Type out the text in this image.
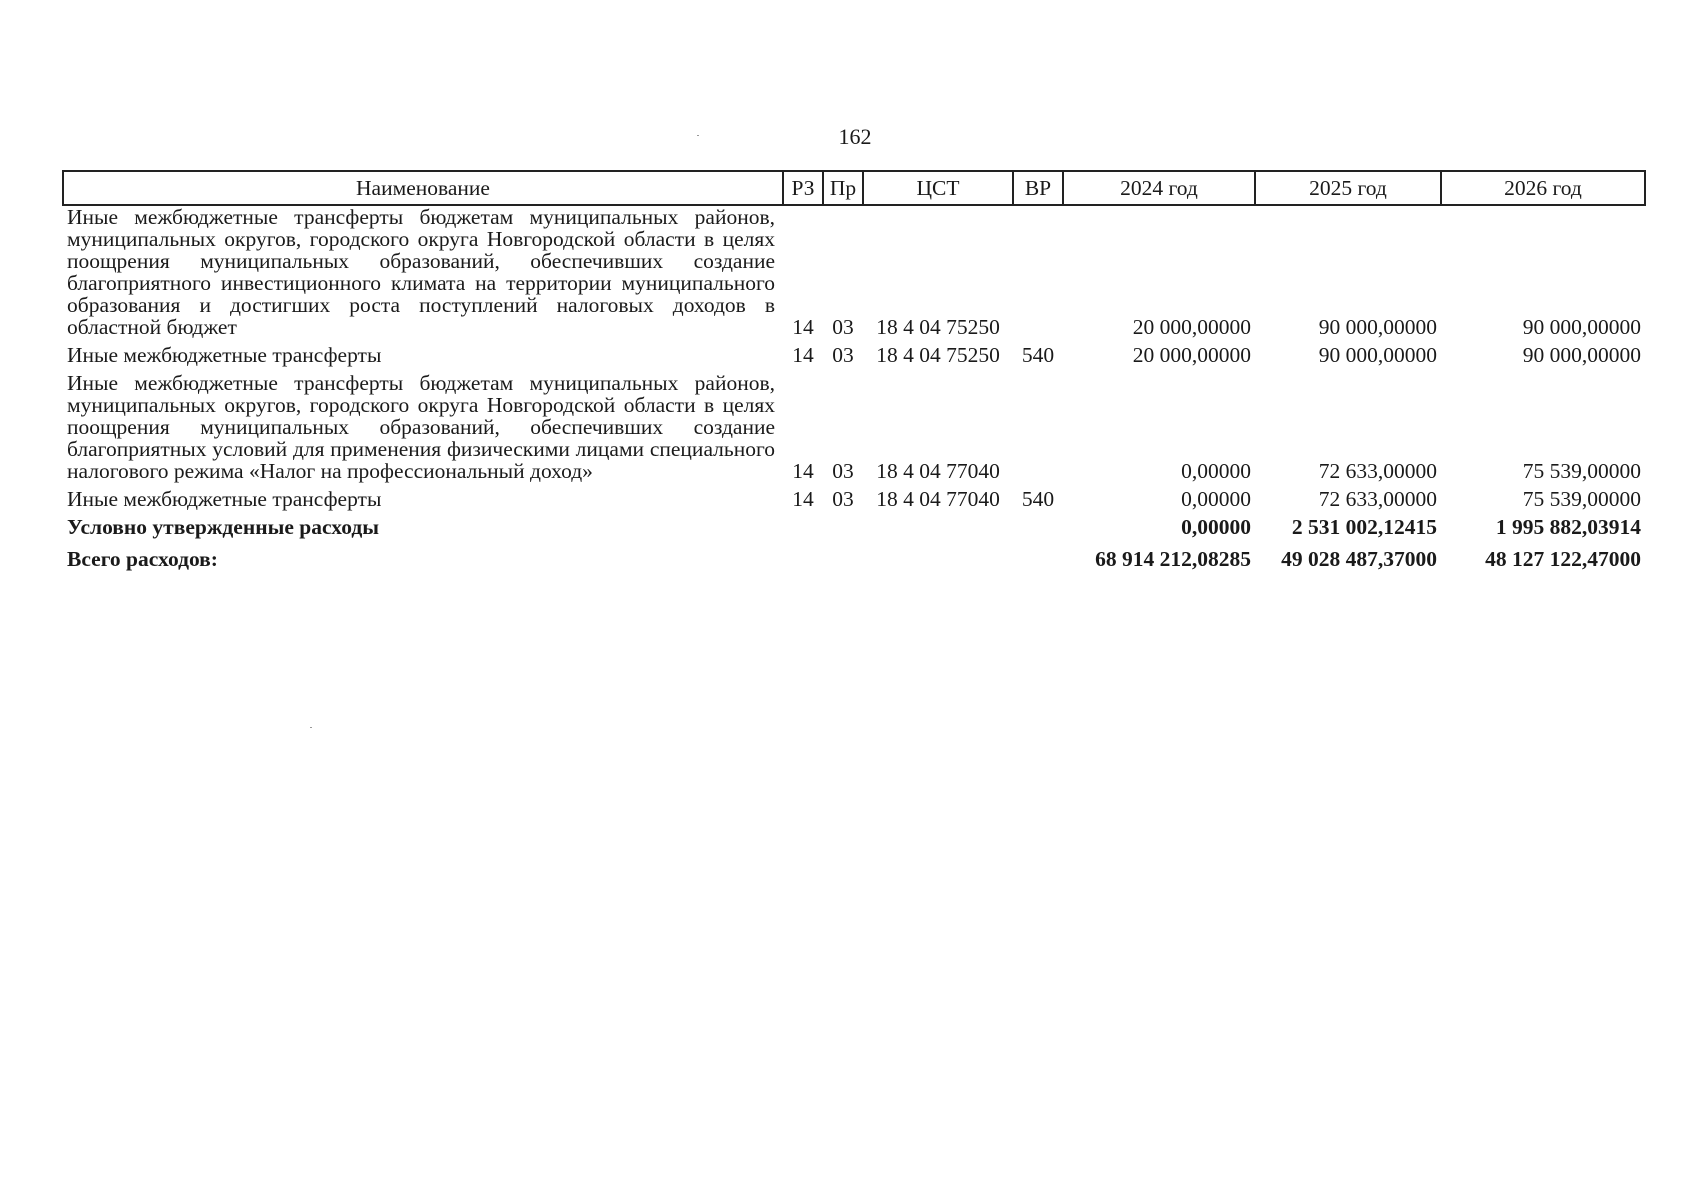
162
Наименование	РЗ	Пр	ЦСТ	ВР	2024 год	2025 год	2026 год
Иные межбюджетные трансферты бюджетам муниципальных районов, муниципальных округов, городского округа Новгородской области в целях поощрения муниципальных образований, обеспечивших создание благоприятного инвестиционного климата на территории муниципального образования и достигших роста поступлений налоговых доходов в областной бюджет	14	03	18 4 04 75250		20 000,00000	90 000,00000	90 000,00000
Иные межбюджетные трансферты	14	03	18 4 04 75250	540	20 000,00000	90 000,00000	90 000,00000
Иные межбюджетные трансферты бюджетам муниципальных районов, муниципальных округов, городского округа Новгородской области в целях поощрения муниципальных образований, обеспечивших создание благоприятных условий для применения физическими лицами специального налогового режима «Налог на профессиональный доход»	14	03	18 4 04 77040		0,00000	72 633,00000	75 539,00000
Иные межбюджетные трансферты	14	03	18 4 04 77040	540	0,00000	72 633,00000	75 539,00000
Условно утвержденные расходы					0,00000	2 531 002,12415	1 995 882,03914
Всего расходов:					68 914 212,08285	49 028 487,37000	48 127 122,47000
